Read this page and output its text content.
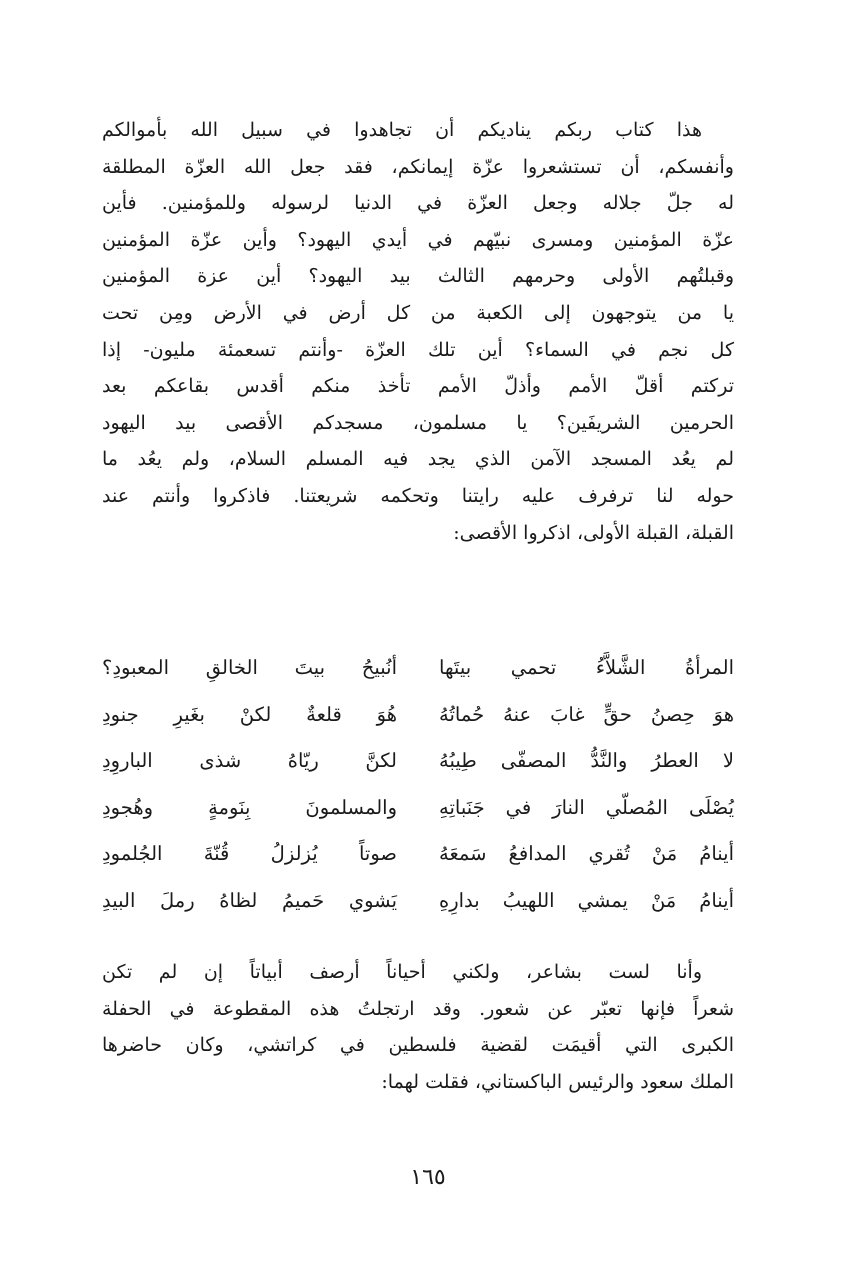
هذا كتاب ربكم يناديكم أن تجاهدوا في سبيل الله بأموالكم
وأنفسكم، أن تستشعروا عزّة إيمانكم، فقد جعل الله العزّة المطلقة
له جلّ جلاله وجعل العزّة في الدنيا لرسوله وللمؤمنين. فأين
عزّة المؤمنين ومسرى نبيّهم في أيدي اليهود؟ وأين عزّة المؤمنين
وقبلتُهم الأولى وحرمهم الثالث بيد اليهود؟ أين عزة المؤمنين
يا من يتوجهون إلى الكعبة من كل أرض في الأرض ومِن تحت
كل نجم في السماء؟ أين تلك العزّة -وأنتم تسعمئة مليون- إذا
تركتم أقلّ الأمم وأذلّ الأمم تأخذ منكم أقدس بقاعكم بعد
الحرمين الشريفَين؟ يا مسلمون، مسجدكم الأقصى بيد اليهود
لم يعُد المسجد الآمن الذي يجد فيه المسلم السلام، ولم يعُد ما
حوله لنا ترفرف عليه رايتنا وتحكمه شريعتنا. فاذكروا وأنتم عند
القبلة، القبلة الأولى، اذكروا الأقصى:
المرأةُ الشَّلاَّءُ تحمي بيتَها
أنُبيحُ بيتَ الخالقِ المعبودِ؟
هوَ حِصنُ حقٍّ غابَ عنهُ حُماتُهُ
هُوَ قلعةٌ لكنْ بغَيرِ جنودِ
لا العطرُ والنَّدُّ المصفّى طِيبُهُ
لكنَّ ريّاهُ شذى الباروِدِ
يُصْلَى المُصلّي النارَ في جَنَباتِهِ
والمسلمونَ بِنَومةٍ وهُجودِ
أينامُ مَنْ تُقري المدافعُ سَمعَهُ
صوتاً يُزلزلُ قُنّةَ الجُلمودِ
أينامُ مَنْ يمشي اللهيبُ بدارِهِ
يَشوي حَميمُ لظاهُ رملَ البيدِ
وأنا لست بشاعر، ولكني أحياناً أرصف أبياتاً إن لم تكن
شعراً فإنها تعبّر عن شعور. وقد ارتجلتُ هذه المقطوعة في الحفلة
الكبرى التي أقيمَت لقضية فلسطين في كراتشي، وكان حاضرها
الملك سعود والرئيس الباكستاني، فقلت لهما:
١٦٥
